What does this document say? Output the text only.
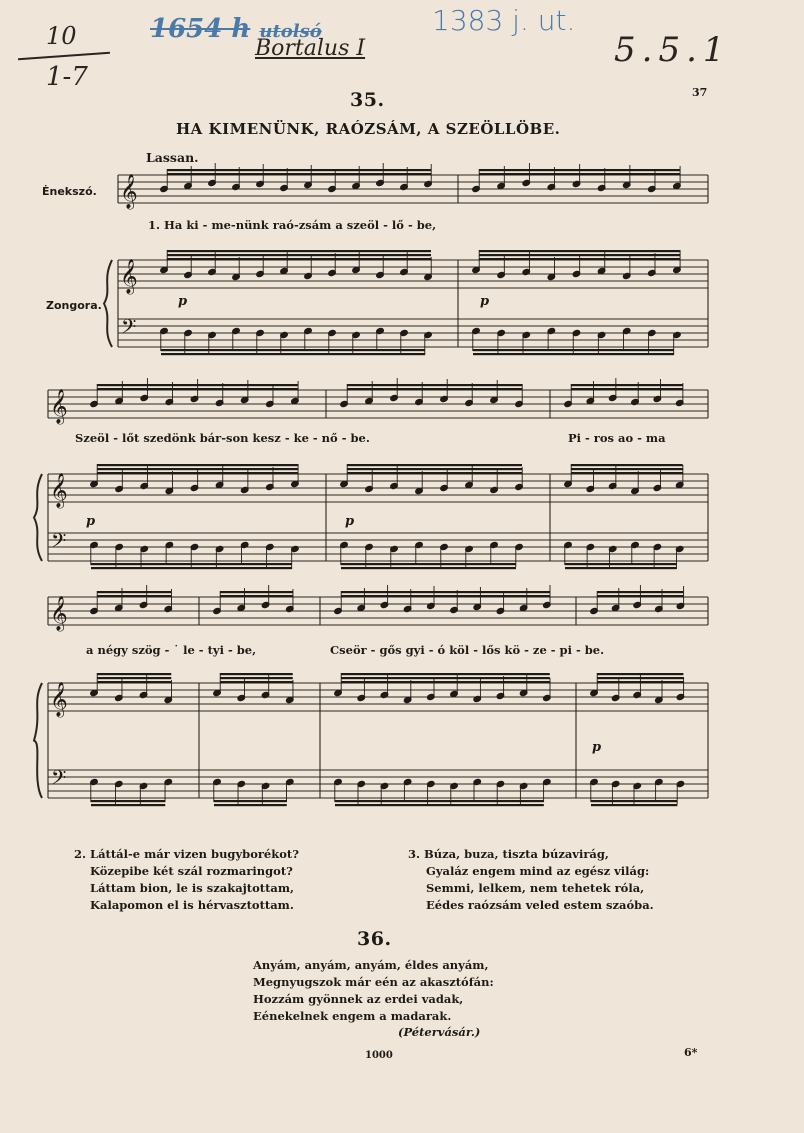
10
1-7
1654 h utolsó	1383 j. ut.
Bortalus I	5.5.1
37
35.
HA KIMENÜNK, RAÓZSÁM, A SZEÖLLÖBE.
Lassan.
Ėnekszó.
Zongora.
𝄞
𝄞
𝄢
𝄞
𝄞
𝄢
𝄞
𝄞
𝄢
1. Ha ki - me-nünk raó-zsám a szeöl - lő - be,
Szeöl - lőt szedönk bár-son kesz - ke - nő - be.	Pi - ros ao - ma
a négy szög - ˙ le - tyi - be,	Cseör - gős gyi - ó köl - lős kö - ze - pi - be.
p	p
p	p
p
2. Láttál-e már vizen bugyborékot?
Közepibe két szál rozmaringot?
Láttam bion, le is szakajtottam,
Kalapomon el is hérvasztottam.
3. Búza, buza, tiszta búzavirág,
Gyaláz engem mind az egész világ:
Semmi, lelkem, nem tehetek róla,
Eédes raózsám veled estem szaóba.
36.
Anyám, anyám, anyám, éldes anyám,
Megnyugszok már eén az akasztófán:
Hozzám gyönnek az erdei vadak,
Eénekelnek engem a madarak.
(Pétervásár.)
1000	6*
